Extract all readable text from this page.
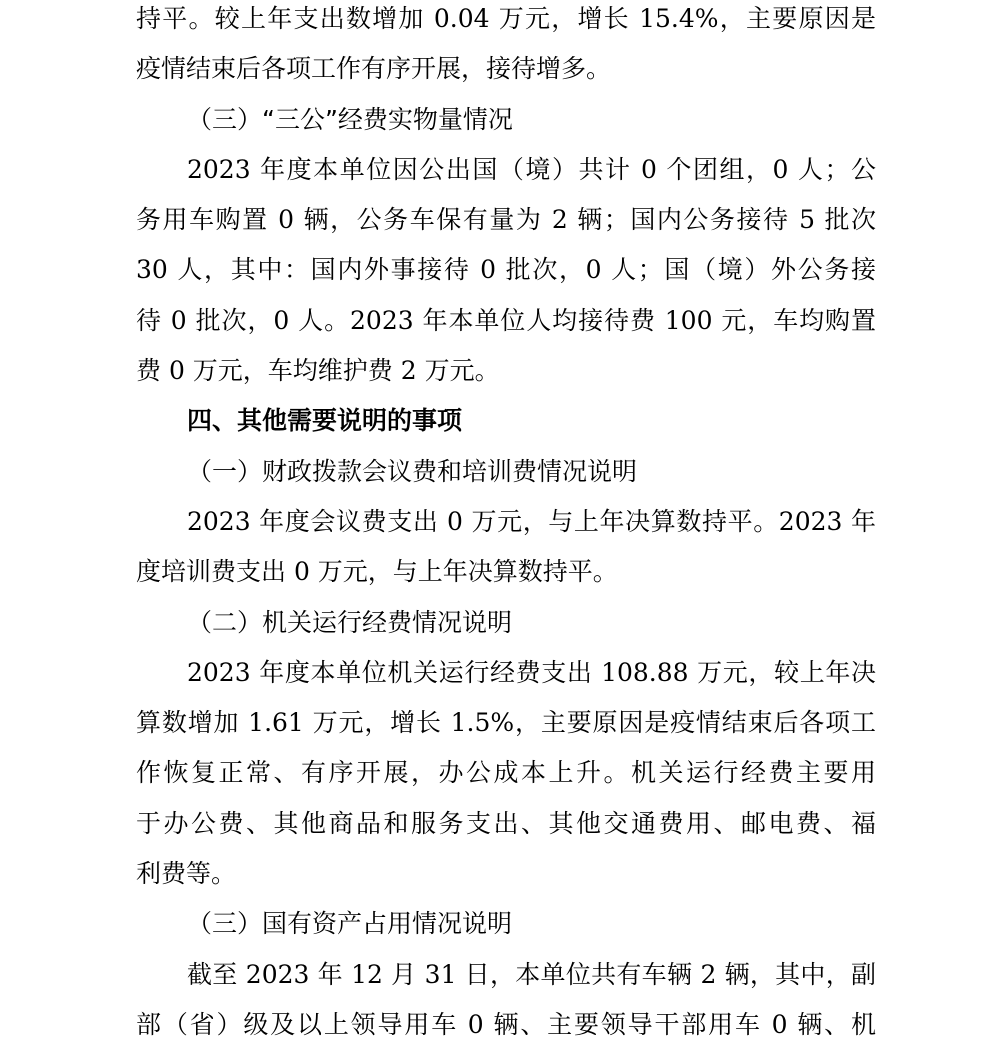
持平。较上年支出数增加 0.04 万元，增长 15.4%，主要原因是
疫情结束后各项工作有序开展，接待增多。
（三）“三公”经费实物量情况
2023 年度本单位因公出国（境）共计 0 个团组，0 人；公
务用车购置 0 辆，公务车保有量为 2 辆；国内公务接待 5 批次
30 人，其中：国内外事接待 0 批次，0 人；国（境）外公务接
待 0 批次，0 人。2023 年本单位人均接待费 100 元，车均购置
费 0 万元，车均维护费 2 万元。
四、其他需要说明的事项
（一）财政拨款会议费和培训费情况说明
2023 年度会议费支出 0 万元，与上年决算数持平。2023 年
度培训费支出 0 万元，与上年决算数持平。
（二）机关运行经费情况说明
2023 年度本单位机关运行经费支出 108.88 万元，较上年决
算数增加 1.61 万元，增长 1.5%，主要原因是疫情结束后各项工
作恢复正常、有序开展，办公成本上升。机关运行经费主要用
于办公费、其他商品和服务支出、其他交通费用、邮电费、福
利费等。
（三）国有资产占用情况说明
截至 2023 年 12 月 31 日，本单位共有车辆 2 辆，其中，副
部（省）级及以上领导用车 0 辆、主要领导干部用车 0 辆、机
